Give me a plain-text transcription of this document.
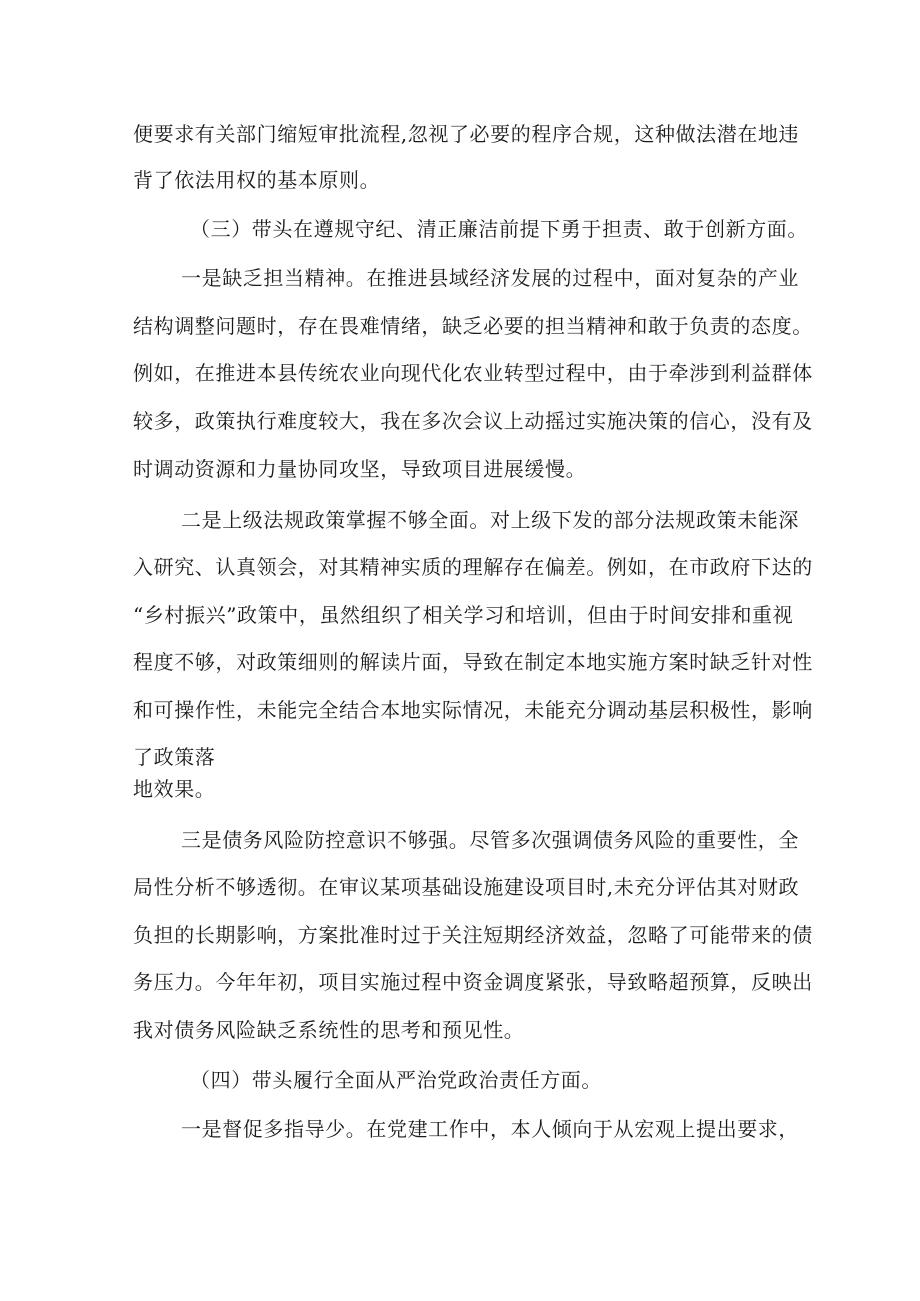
便要求有关部门缩短审批流程,忽视了必要的程序合规，这种做法潜在地违

背了依法用权的基本原则。

（三）带头在遵规守纪、清正廉洁前提下勇于担责、敢于创新方面。

一是缺乏担当精神。在推进县域经济发展的过程中，面对复杂的产业

结构调整问题时，存在畏难情绪，缺乏必要的担当精神和敢于负责的态度。

例如，在推进本县传统农业向现代化农业转型过程中，由于牵涉到利益群体

较多，政策执行难度较大，我在多次会议上动摇过实施决策的信心，没有及

时调动资源和力量协同攻坚，导致项目进展缓慢。

二是上级法规政策掌握不够全面。对上级下发的部分法规政策未能深

入研究、认真领会，对其精神实质的理解存在偏差。例如，在市政府下达的

“乡村振兴”政策中，虽然组织了相关学习和培训，但由于时间安排和重视

程度不够，对政策细则的解读片面，导致在制定本地实施方案时缺乏针对性

和可操作性，未能完全结合本地实际情况，未能充分调动基层积极性，影响

了政策落

地效果。

三是债务风险防控意识不够强。尽管多次强调债务风险的重要性，全

局性分析不够透彻。在审议某项基础设施建设项目时,未充分评估其对财政

负担的长期影响，方案批准时过于关注短期经济效益，忽略了可能带来的债

务压力。今年年初，项目实施过程中资金调度紧张，导致略超预算，反映出

我对债务风险缺乏系统性的思考和预见性。

（四）带头履行全面从严治党政治责任方面。

一是督促多指导少。在党建工作中，本人倾向于从宏观上提出要求，
